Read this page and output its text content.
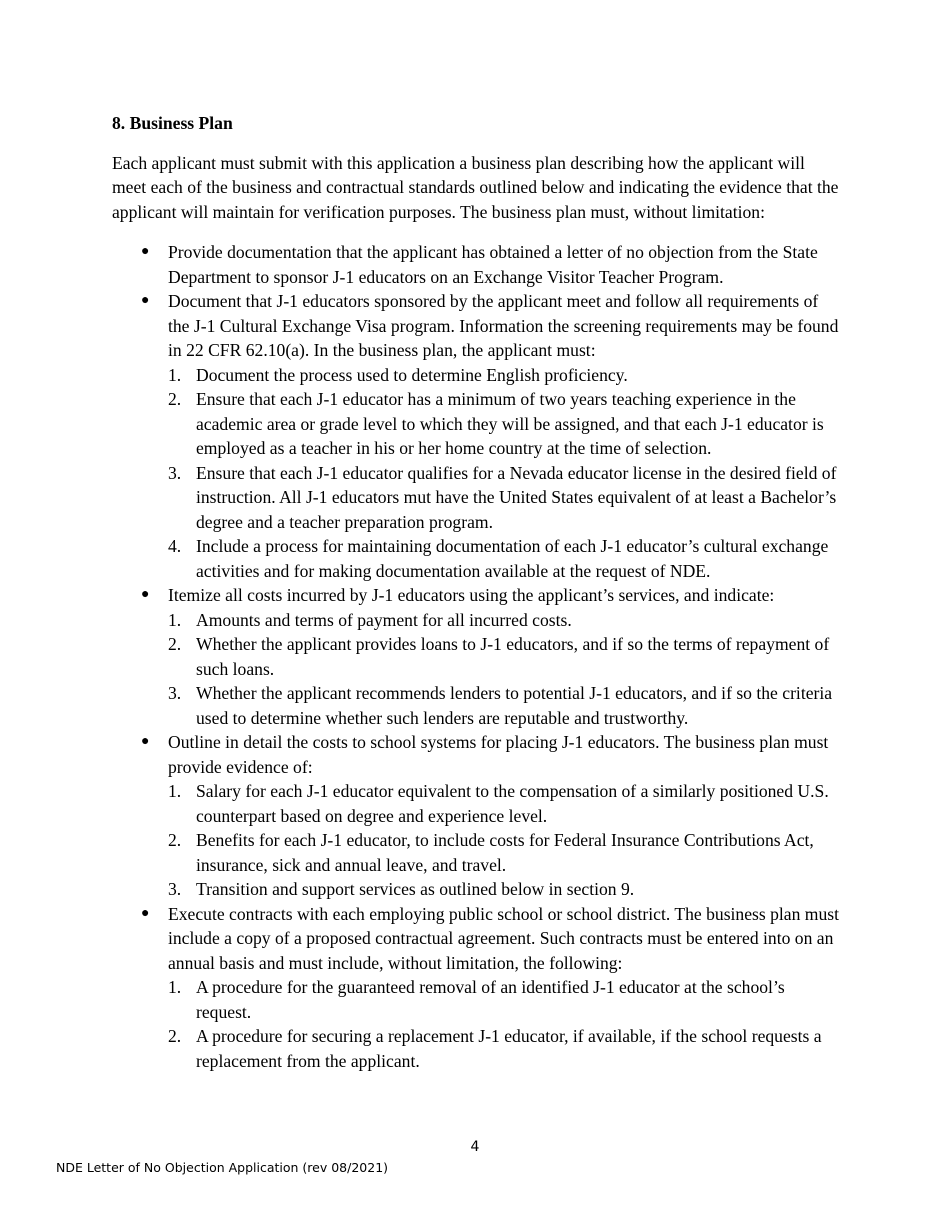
8. Business Plan

Each applicant must submit with this application a business plan describing how the applicant will meet each of the business and contractual standards outlined below and indicating the evidence that the applicant will maintain for verification purposes. The business plan must, without limitation:

● Provide documentation that the applicant has obtained a letter of no objection from the State Department to sponsor J-1 educators on an Exchange Visitor Teacher Program.
● Document that J-1 educators sponsored by the applicant meet and follow all requirements of the J-1 Cultural Exchange Visa program. Information the screening requirements may be found in 22 CFR 62.10(a). In the business plan, the applicant must:
1. Document the process used to determine English proficiency.
2. Ensure that each J-1 educator has a minimum of two years teaching experience in the academic area or grade level to which they will be assigned, and that each J-1 educator is employed as a teacher in his or her home country at the time of selection.
3. Ensure that each J-1 educator qualifies for a Nevada educator license in the desired field of instruction. All J-1 educators mut have the United States equivalent of at least a Bachelor’s degree and a teacher preparation program.
4. Include a process for maintaining documentation of each J-1 educator’s cultural exchange activities and for making documentation available at the request of NDE.
● Itemize all costs incurred by J-1 educators using the applicant’s services, and indicate:
1. Amounts and terms of payment for all incurred costs.
2. Whether the applicant provides loans to J-1 educators, and if so the terms of repayment of such loans.
3. Whether the applicant recommends lenders to potential J-1 educators, and if so the criteria used to determine whether such lenders are reputable and trustworthy.
● Outline in detail the costs to school systems for placing J-1 educators. The business plan must provide evidence of:
1. Salary for each J-1 educator equivalent to the compensation of a similarly positioned U.S. counterpart based on degree and experience level.
2. Benefits for each J-1 educator, to include costs for Federal Insurance Contributions Act, insurance, sick and annual leave, and travel.
3. Transition and support services as outlined below in section 9.
● Execute contracts with each employing public school or school district. The business plan must include a copy of a proposed contractual agreement. Such contracts must be entered into on an annual basis and must include, without limitation, the following:
1. A procedure for the guaranteed removal of an identified J-1 educator at the school’s request.
2. A procedure for securing a replacement J-1 educator, if available, if the school requests a replacement from the applicant.
4
NDE Letter of No Objection Application (rev 08/2021)
